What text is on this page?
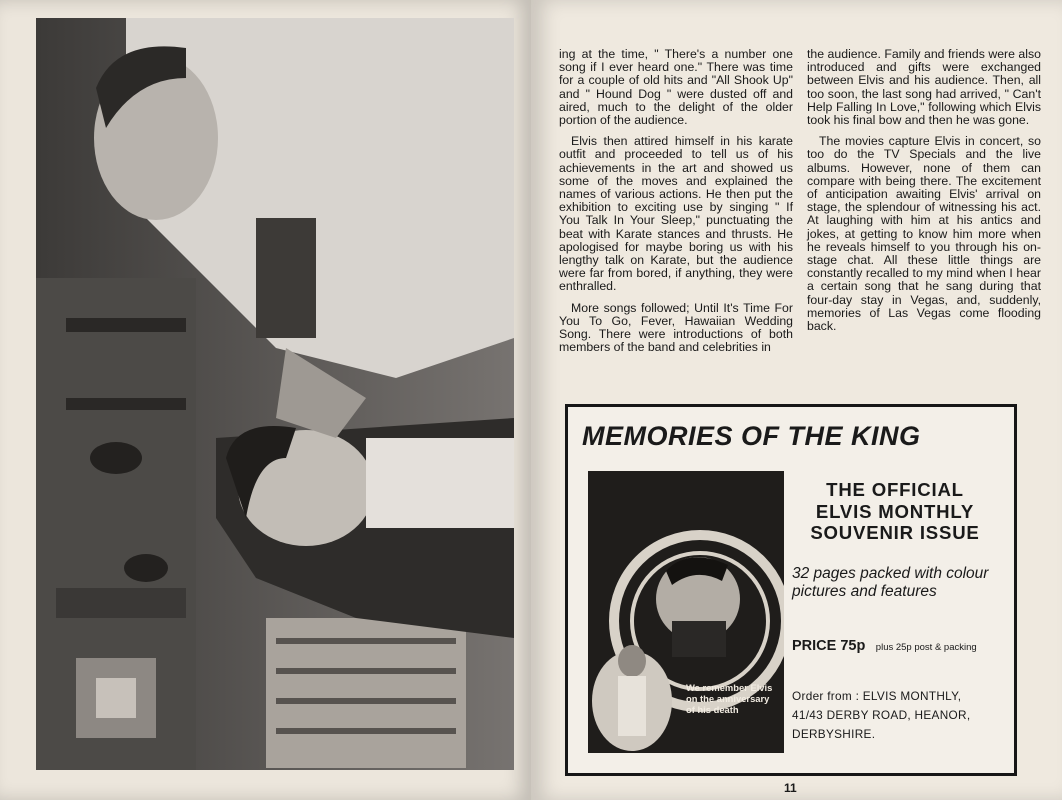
ing at the time, " There's a number one song if I ever heard one." There was time for a couple of old hits and "All Shook Up" and " Hound Dog " were dusted off and aired, much to the delight of the older portion of the audience.

Elvis then attired himself in his karate outfit and proceeded to tell us of his achievements in the art and showed us some of the moves and explained the names of various actions. He then put the exhibition to exciting use by singing " If You Talk In Your Sleep," punctuating the beat with Karate stances and thrusts. He apologised for maybe boring us with his lengthy talk on Karate, but the audience were far from bored, if anything, they were enthralled.

More songs followed; Until It's Time For You To Go, Fever, Hawaiian Wedding Song. There were introductions of both members of the band and celebrities in

the audience. Family and friends were also introduced and gifts were exchanged between Elvis and his audience. Then, all too soon, the last song had arrived, " Can't Help Falling In Love," following which Elvis took his final bow and then he was gone.

The movies capture Elvis in concert, so too do the TV Specials and the live albums. However, none of them can compare with being there. The excitement of anticipation awaiting Elvis' arrival on stage, the splendour of witnessing his act. At laughing with him at his antics and jokes, at getting to know him more when he reveals himself to you through his on-stage chat. All these little things are constantly recalled to my mind when I hear a certain song that he sang during that four-day stay in Vegas, and, suddenly, memories of Las Vegas come flooding back.

MEMORIES OF THE KING
We remember Elvis on the anniversary of his death
THE OFFICIAL
ELVIS MONTHLY
SOUVENIR ISSUE
32 pages packed with colour pictures and features
PRICE 75p plus 25p post & packing
Order from : ELVIS MONTHLY,
41/43 DERBY ROAD, HEANOR,
DERBYSHIRE.
11
